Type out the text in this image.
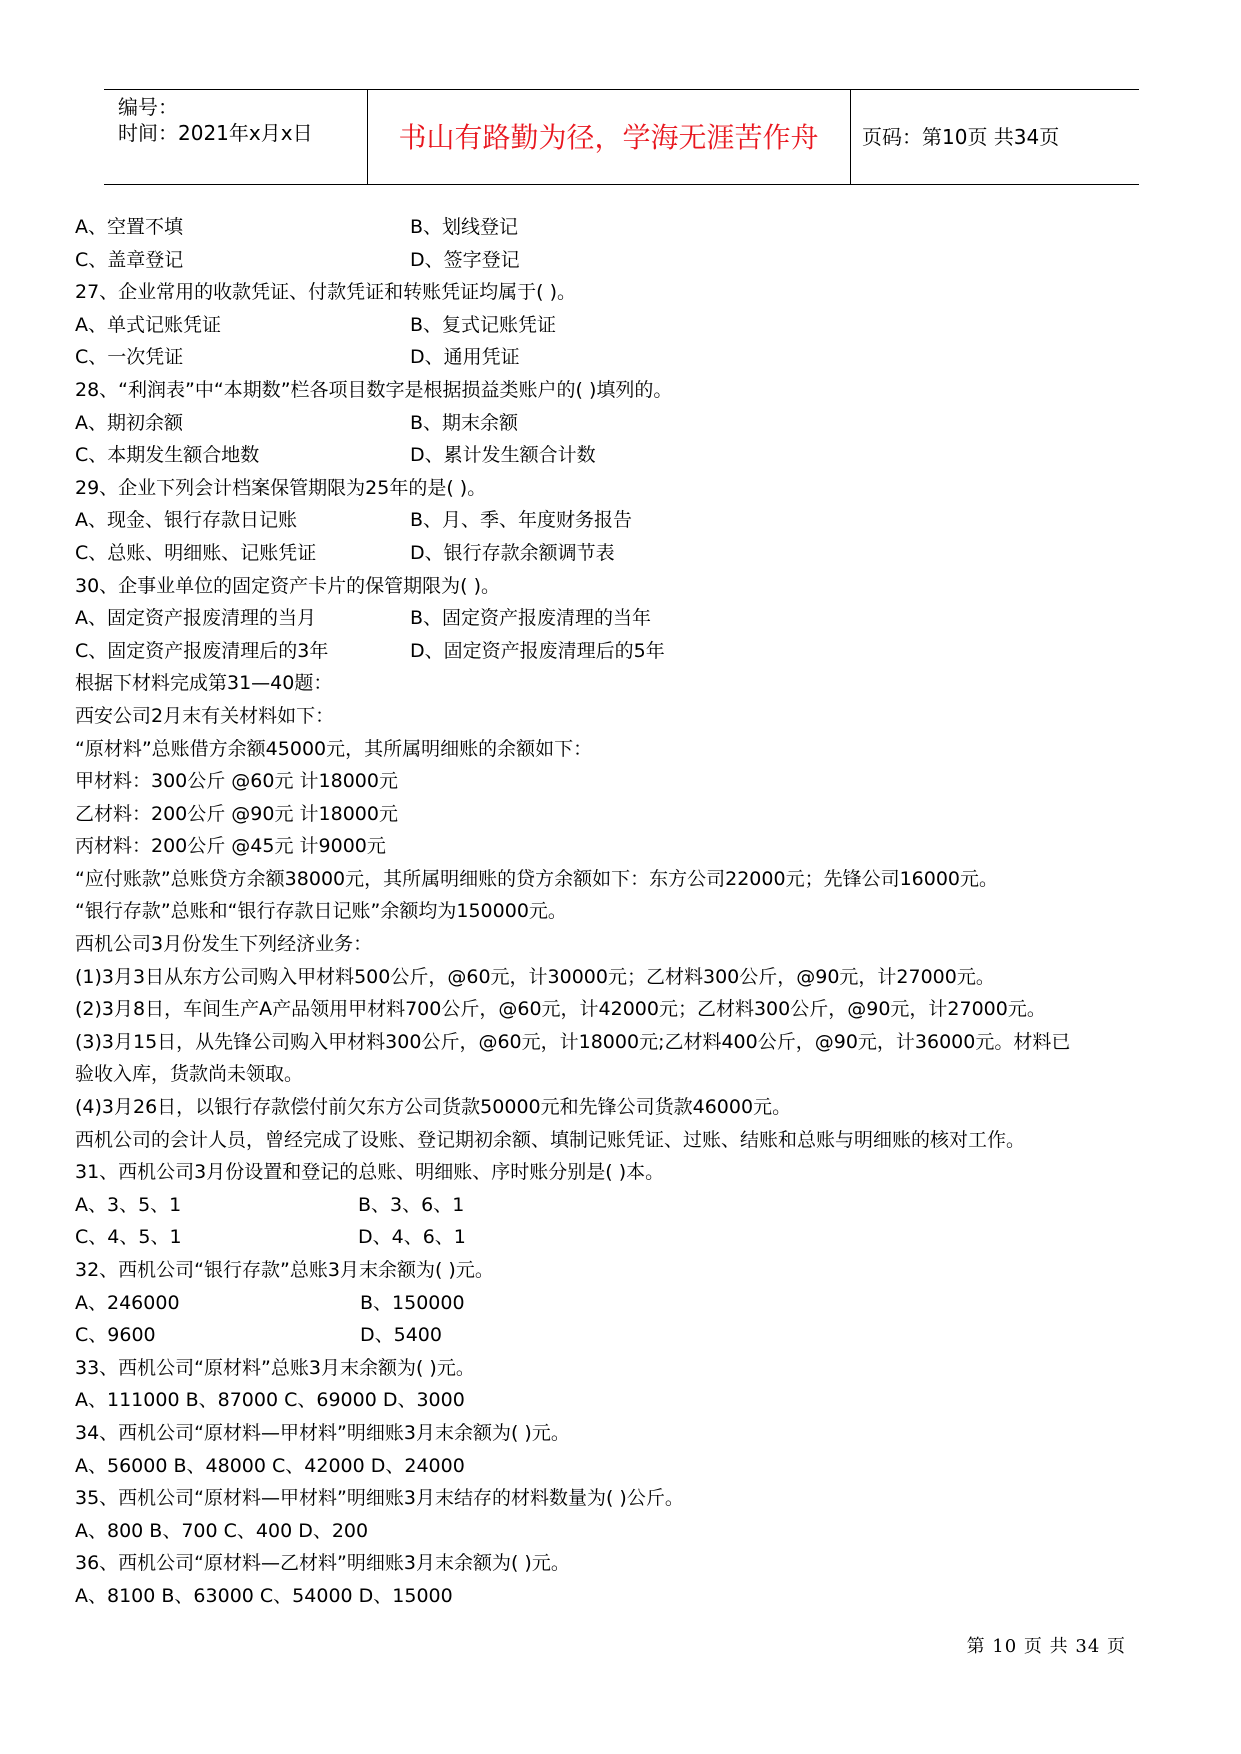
编号：
时间：2021年x月x日	书山有路勤为径，学海无涯苦作舟	页码：第10页 共34页
A、空置不填	B、划线登记
C、盖章登记	D、签字登记
27、企业常用的收款凭证、付款凭证和转账凭证均属于( )。
A、单式记账凭证	B、复式记账凭证
C、一次凭证	D、通用凭证
28、“利润表”中“本期数”栏各项目数字是根据损益类账户的( )填列的。
A、期初余额	B、期末余额
C、本期发生额合地数	D、累计发生额合计数
29、企业下列会计档案保管期限为25年的是( )。
A、现金、银行存款日记账	B、月、季、年度财务报告
C、总账、明细账、记账凭证	D、银行存款余额调节表
30、企事业单位的固定资产卡片的保管期限为( )。
A、固定资产报废清理的当月	B、固定资产报废清理的当年
C、固定资产报废清理后的3年	D、固定资产报废清理后的5年
根据下材料完成第31—40题：
西安公司2月末有关材料如下：
“原材料”总账借方余额45000元，其所属明细账的余额如下：
甲材料：300公斤 @60元 计18000元
乙材料：200公斤 @90元 计18000元
丙材料：200公斤 @45元 计9000元
“应付账款”总账贷方余额38000元，其所属明细账的贷方余额如下：东方公司22000元；先锋公司16000元。
“银行存款”总账和“银行存款日记账”余额均为150000元。
西机公司3月份发生下列经济业务：
(1)3月3日从东方公司购入甲材料500公斤，@60元，计30000元；乙材料300公斤，@90元，计27000元。
(2)3月8日，车间生产A产品领用甲材料700公斤，@60元，计42000元；乙材料300公斤，@90元，计27000元。
(3)3月15日，从先锋公司购入甲材料300公斤，@60元，计18000元;乙材料400公斤，@90元，计36000元。材料已
验收入库，货款尚未领取。
(4)3月26日，以银行存款偿付前欠东方公司货款50000元和先锋公司货款46000元。
西机公司的会计人员，曾经完成了设账、登记期初余额、填制记账凭证、过账、结账和总账与明细账的核对工作。
31、西机公司3月份设置和登记的总账、明细账、序时账分别是( )本。
A、3、5、1	B、3、6、1
C、4、5、1	D、4、6、1
32、西机公司“银行存款”总账3月末余额为( )元。
A、246000	B、150000
C、9600	D、5400
33、西机公司“原材料”总账3月末余额为( )元。
A、111000 B、87000 C、69000 D、3000
34、西机公司“原材料—甲材料”明细账3月末余额为( )元。
A、56000 B、48000 C、42000 D、24000
35、西机公司“原材料—甲材料”明细账3月末结存的材料数量为( )公斤。
A、800 B、700 C、400 D、200
36、西机公司“原材料—乙材料”明细账3月末余额为( )元。
A、8100 B、63000 C、54000 D、15000
第 10 页 共 34 页
